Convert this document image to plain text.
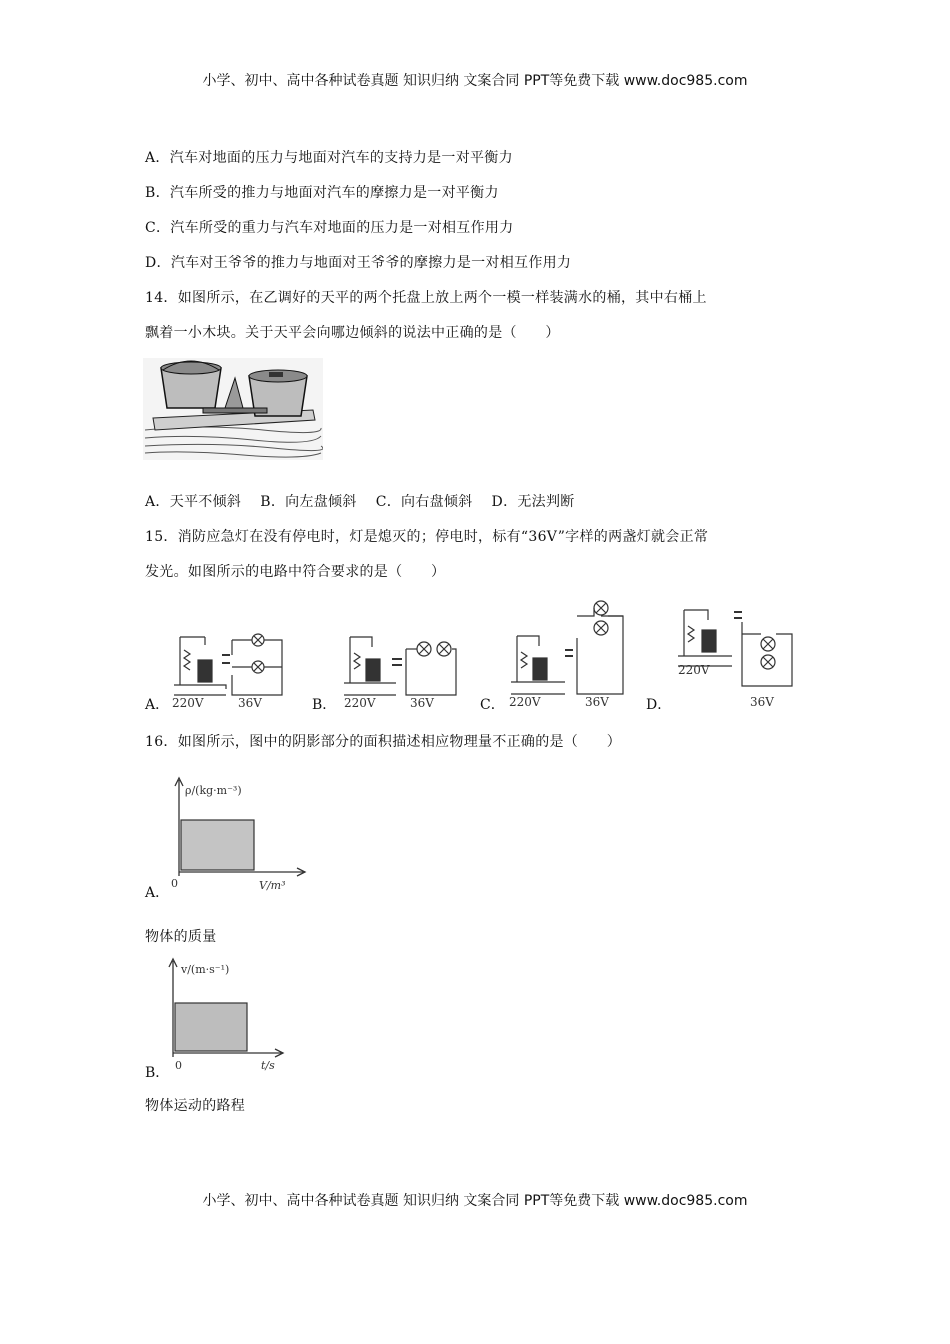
小学、初中、高中各种试卷真题 知识归纳 文案合同 PPT等免费下载 www.doc985.com
A．汽车对地面的压力与地面对汽车的支持力是一对平衡力
B．汽车所受的推力与地面对汽车的摩擦力是一对平衡力
C．汽车所受的重力与汽车对地面的压力是一对相互作用力
D．汽车对王爷爷的推力与地面对王爷爷的摩擦力是一对相互作用力
14．如图所示，在乙调好的天平的两个托盘上放上两个一模一样装满水的桶，其中右桶上
飘着一小木块。关于天平会向哪边倾斜的说法中正确的是（　　）
A．天平不倾斜　 B．向左盘倾斜　 C．向右盘倾斜　 D．无法判断
15．消防应急灯在没有停电时，灯是熄灭的；停电时，标有“36V”字样的两盏灯就会正常
发光。如图所示的电路中符合要求的是（　　）
A． 220V	36V	B． 220V	36V	C． 220V	36V	D．
220V
36V
16．如图所示，图中的阴影部分的面积描述相应物理量不正确的是（　　）
A．
ρ/(kg·m⁻³)
V/m³
0
物体的质量
B．
v/(m·s⁻¹)
t/s
0
物体运动的路程
小学、初中、高中各种试卷真题 知识归纳 文案合同 PPT等免费下载 www.doc985.com
